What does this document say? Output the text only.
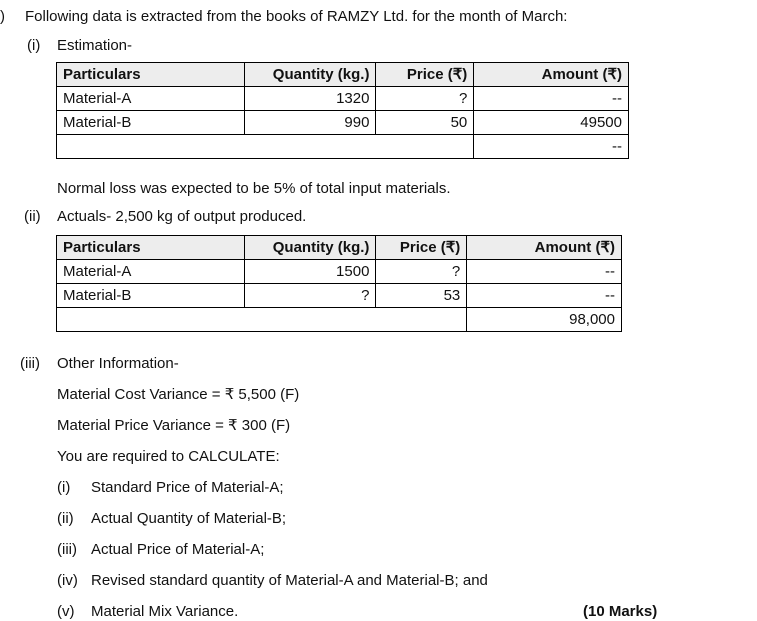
) Following data is extracted from the books of RAMZY Ltd. for the month of March:
(i) Estimation-
Particulars	Quantity (kg.)	Price (₹)	Amount (₹)
Material-A	1320	?	--
Material-B	990	50	49500
			--
Normal loss was expected to be 5% of total input materials.
(ii) Actuals- 2,500 kg of output produced.
Particulars	Quantity (kg.)	Price (₹)	Amount (₹)
Material-A	1500	?	--
Material-B	?	53	--
			98,000
(iii) Other Information-
Material Cost Variance = ₹ 5,500 (F)
Material Price Variance = ₹ 300 (F)
You are required to CALCULATE:
(i) Standard Price of Material-A;
(ii) Actual Quantity of Material-B;
(iii) Actual Price of Material-A;
(iv) Revised standard quantity of Material-A and Material-B; and
(v) Material Mix Variance.	(10 Marks)
